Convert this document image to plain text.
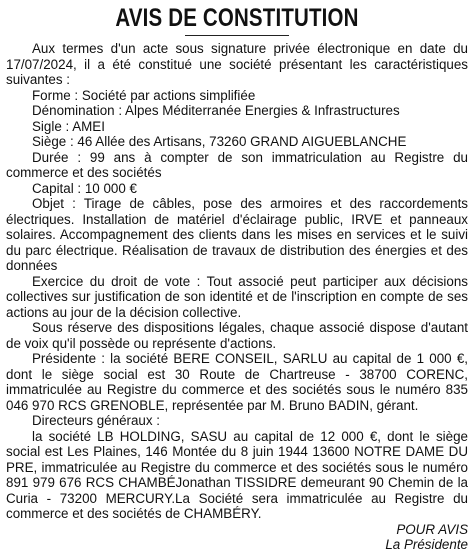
AVIS DE CONSTITUTION

Aux termes d'un acte sous signature privée électronique en date du 17/07/2024, il a été constitué une société présentant les caractéristiques suivantes :

Forme : Société par actions simplifiée

Dénomination : Alpes Méditerranée Energies & Infrastructures

Sigle : AMEI

Siège : 46 Allée des Artisans, 73260 GRAND AIGUEBLANCHE

Durée : 99 ans à compter de son immatriculation au Registre du commerce et des sociétés

Capital : 10 000 €

Objet : Tirage de câbles, pose des armoires et des raccordements électriques. Installation de matériel d'éclairage public, IRVE et panneaux solaires. Accompagnement des clients dans les mises en services et le suivi du parc électrique. Réalisation de travaux de distribution des énergies et des données

Exercice du droit de vote : Tout associé peut participer aux décisions collectives sur justification de son identité et de l'inscription en compte de ses actions au jour de la décision collective.

Sous réserve des dispositions légales, chaque associé dispose d'autant de voix qu'il possède ou représente d'actions.

Présidente : la société BERE CONSEIL, SARLU au capital de 1 000 €, dont le siège social est 30 Route de Chartreuse - 38700 CORENC, immatriculée au Registre du commerce et des sociétés sous le numéro 835 046 970 RCS GRENOBLE, représentée par M. Bruno BADIN, gérant.

Directeurs généraux :

la société LB HOLDING, SASU au capital de 12 000 €, dont le siège social est Les Plaines, 146 Montée du 8 juin 1944 13600 NOTRE DAME DU PRE, immatriculée au Registre du commerce et des sociétés sous le numéro 891 979 676 RCS CHAMBÉJonathan TISSIDRE demeurant 90 Chemin de la Curia - 73200 MERCURY.La Société sera immatriculée au Registre du commerce et des sociétés de CHAMBÉRY.

POUR AVIS

La Présidente
